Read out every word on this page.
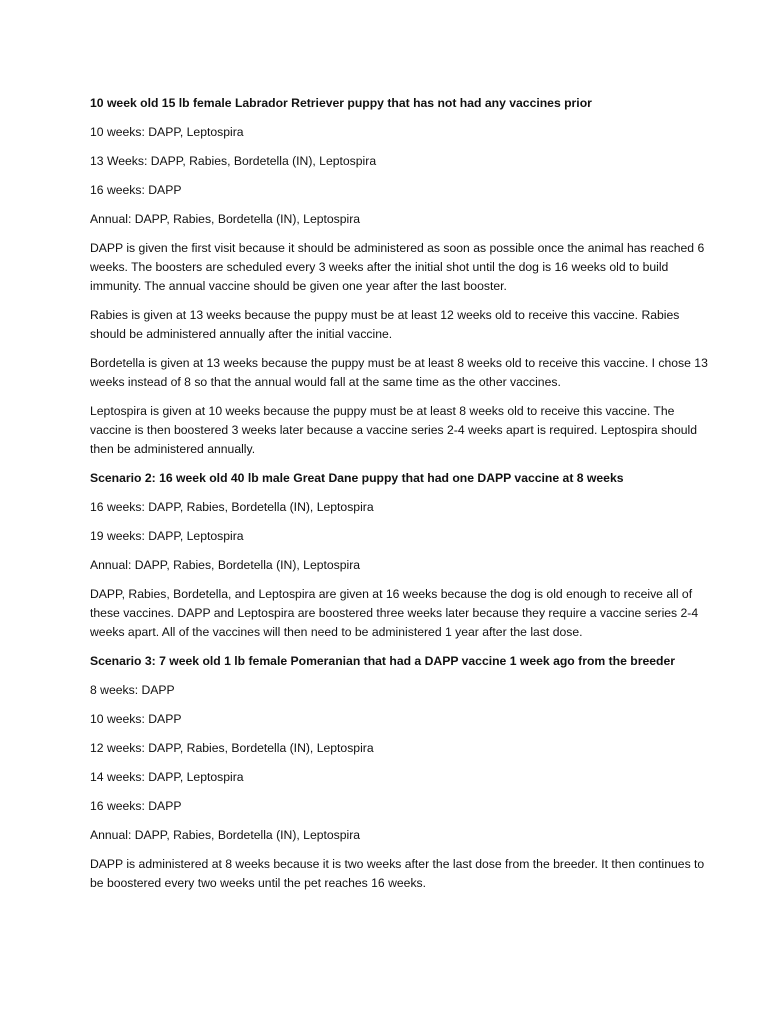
10 week old 15 lb female Labrador Retriever puppy that has not had any vaccines prior
10 weeks: DAPP, Leptospira
13 Weeks: DAPP, Rabies, Bordetella (IN), Leptospira
16 weeks: DAPP
Annual: DAPP, Rabies, Bordetella (IN), Leptospira

DAPP is given the first visit because it should be administered as soon as possible once the animal has reached 6 weeks. The boosters are scheduled every 3 weeks after the initial shot until the dog is 16 weeks old to build immunity. The annual vaccine should be given one year after the last booster.

Rabies is given at 13 weeks because the puppy must be at least 12 weeks old to receive this vaccine. Rabies should be administered annually after the initial vaccine.

Bordetella is given at 13 weeks because the puppy must be at least 8 weeks old to receive this vaccine. I chose 13 weeks instead of 8 so that the annual would fall at the same time as the other vaccines.

Leptospira is given at 10 weeks because the puppy must be at least 8 weeks old to receive this vaccine. The vaccine is then boostered 3 weeks later because a vaccine series 2-4 weeks apart is required. Leptospira should then be administered annually.

Scenario 2: 16 week old 40 lb male Great Dane puppy that had one DAPP vaccine at 8 weeks
16 weeks: DAPP, Rabies, Bordetella (IN), Leptospira
19 weeks: DAPP, Leptospira
Annual: DAPP, Rabies, Bordetella (IN), Leptospira

DAPP, Rabies, Bordetella, and Leptospira are given at 16 weeks because the dog is old enough to receive all of these vaccines. DAPP and Leptospira are boostered three weeks later because they require a vaccine series 2-4 weeks apart. All of the vaccines will then need to be administered 1 year after the last dose.

Scenario 3: 7 week old 1 lb female Pomeranian that had a DAPP vaccine 1 week ago from the breeder
8 weeks: DAPP
10 weeks: DAPP
12 weeks: DAPP, Rabies, Bordetella (IN), Leptospira
14 weeks: DAPP, Leptospira
16 weeks: DAPP
Annual: DAPP, Rabies, Bordetella (IN), Leptospira

DAPP is administered at 8 weeks because it is two weeks after the last dose from the breeder. It then continues to be boostered every two weeks until the pet reaches 16 weeks.
